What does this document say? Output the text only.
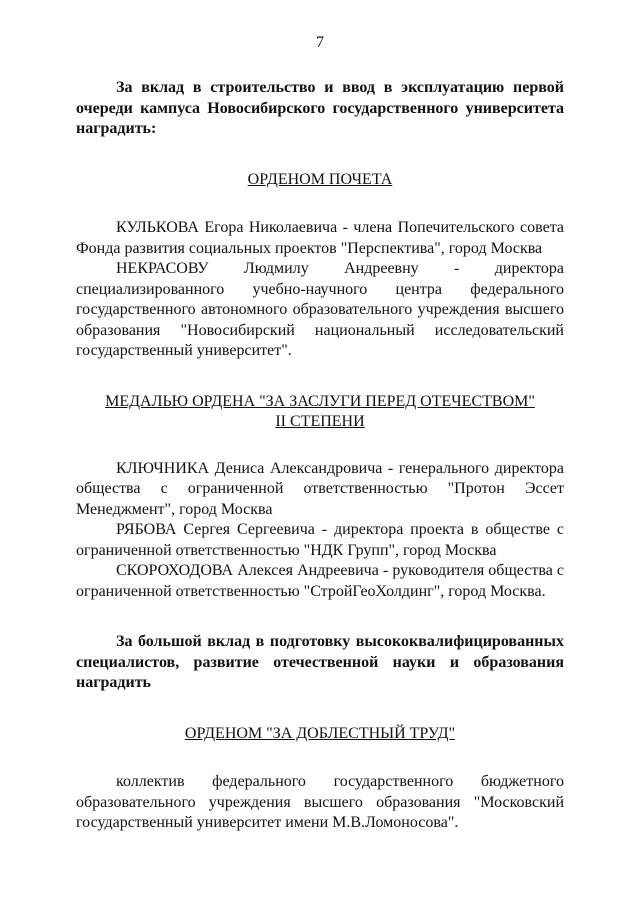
7

За вклад в строительство и ввод в эксплуатацию первой очереди кампуса Новосибирского государственного университета наградить:

ОРДЕНОМ ПОЧЕТА

КУЛЬКОВА Егора Николаевича - члена Попечительского совета Фонда развития социальных проектов "Перспектива", город Москва

НЕКРАСОВУ Людмилу Андреевну - директора специализированного учебно-научного центра федерального государственного автономного образовательного учреждения высшего образования "Новосибирский национальный исследовательский государственный университет".

МЕДАЛЬЮ ОРДЕНА "ЗА ЗАСЛУГИ ПЕРЕД ОТЕЧЕСТВОМ"
II СТЕПЕНИ

КЛЮЧНИКА Дениса Александровича - генерального директора общества с ограниченной ответственностью "Протон Эссет Менеджмент", город Москва

РЯБОВА Сергея Сергеевича - директора проекта в обществе с ограниченной ответственностью "НДК Групп", город Москва

СКОРОХОДОВА Алексея Андреевича - руководителя общества с ограниченной ответственностью "СтройГеоХолдинг", город Москва.

За большой вклад в подготовку высококвалифицированных специалистов, развитие отечественной науки и образования наградить

ОРДЕНОМ "ЗА ДОБЛЕСТНЫЙ ТРУД"

коллектив федерального государственного бюджетного образовательного учреждения высшего образования "Московский государственный университет имени М.В.Ломоносова".
